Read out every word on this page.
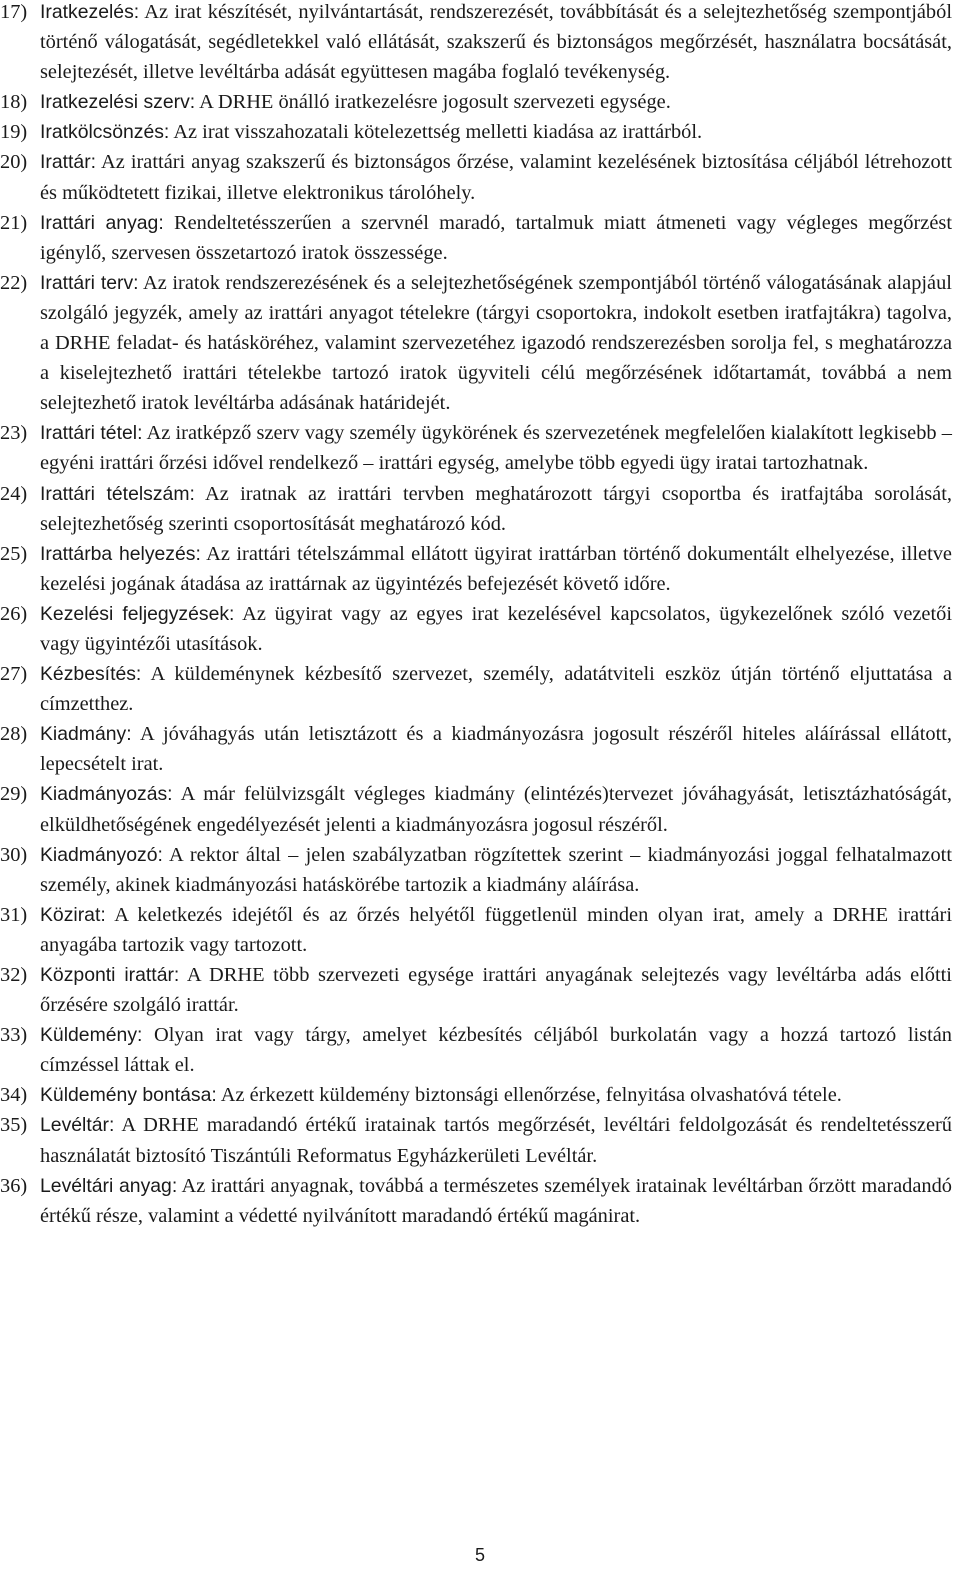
17) Iratkezelés: Az irat készítését, nyilvántartását, rendszerezését, továbbítását és a selejtezhetőség szempontjából történő válogatását, segédletekkel való ellátását, szakszerű és biztonságos megőrzését, használatra bocsátását, selejtezését, illetve levéltárba adását együttesen magába foglaló tevékenység.
18) Iratkezelési szerv: A DRHE önálló iratkezelésre jogosult szervezeti egysége.
19) Iratkölcsönzés: Az irat visszahozatali kötelezettség melletti kiadása az irattárból.
20) Irattár: Az irattári anyag szakszerű és biztonságos őrzése, valamint kezelésének biztosítása céljából létrehozott és működtetett fizikai, illetve elektronikus tárolóhely.
21) Irattári anyag: Rendeltetésszerűen a szervnél maradó, tartalmuk miatt átmeneti vagy végleges megőrzést igénylő, szervesen összetartozó iratok összessége.
22) Irattári terv: Az iratok rendszerezésének és a selejtezhetőségének szempontjából történő válogatásának alapjául szolgáló jegyzék, amely az irattári anyagot tételekre (tárgyi csoportokra, indokolt esetben iratfajtákra) tagolva, a DRHE feladat- és hatásköréhez, valamint szervezetéhez igazodó rendszerezésben sorolja fel, s meghatározza a kiselejtezhető irattári tételekbe tartozó iratok ügyviteli célú megőrzésének időtartamát, továbbá a nem selejtezhető iratok levéltárba adásának határidejét.
23) Irattári tétel: Az iratképző szerv vagy személy ügykörének és szervezetének megfelelően kialakított legkisebb – egyéni irattári őrzési idővel rendelkező – irattári egység, amelybe több egyedi ügy iratai tartozhatnak.
24) Irattári tételszám: Az iratnak az irattári tervben meghatározott tárgyi csoportba és iratfajtába sorolását, selejtezhetőség szerinti csoportosítását meghatározó kód.
25) Irattárba helyezés: Az irattári tételszámmal ellátott ügyirat irattárban történő dokumentált elhelyezése, illetve kezelési jogának átadása az irattárnak az ügyintézés befejezését követő időre.
26) Kezelési feljegyzések: Az ügyirat vagy az egyes irat kezelésével kapcsolatos, ügykezelőnek szóló vezetői vagy ügyintézői utasítások.
27) Kézbesítés: A küldeménynek kézbesítő szervezet, személy, adatátviteli eszköz útján történő eljuttatása a címzetthez.
28) Kiadmány: A jóváhagyás után letisztázott és a kiadmányozásra jogosult részéről hiteles aláírással ellátott, lepecsételt irat.
29) Kiadmányozás: A már felülvizsgált végleges kiadmány (elintézés)tervezet jóváhagyását, letisztázhatóságát, elküldhetőségének engedélyezését jelenti a kiadmányozásra jogosul részéről.
30) Kiadmányozó: A rektor által – jelen szabályzatban rögzítettek szerint – kiadmányozási joggal felhatalmazott személy, akinek kiadmányozási hatáskörébe tartozik a kiadmány aláírása.
31) Közirat: A keletkezés idejétől és az őrzés helyétől függetlenül minden olyan irat, amely a DRHE irattári anyagába tartozik vagy tartozott.
32) Központi irattár: A DRHE több szervezeti egysége irattári anyagának selejtezés vagy levéltárba adás előtti őrzésére szolgáló irattár.
33) Küldemény: Olyan irat vagy tárgy, amelyet kézbesítés céljából burkolatán vagy a hozzá tartozó listán címzéssel láttak el.
34) Küldemény bontása: Az érkezett küldemény biztonsági ellenőrzése, felnyitása olvashatóvá tétele.
35) Levéltár: A DRHE maradandó értékű iratainak tartós megőrzését, levéltári feldolgozását és rendeltetésszerű használatát biztosító Tiszántúli Reformatus Egyházkerületi Levéltár.
36) Levéltári anyag: Az irattári anyagnak, továbbá a természetes személyek iratainak levéltárban őrzött maradandó értékű része, valamint a védetté nyilvánított maradandó értékű magánirat.
5
